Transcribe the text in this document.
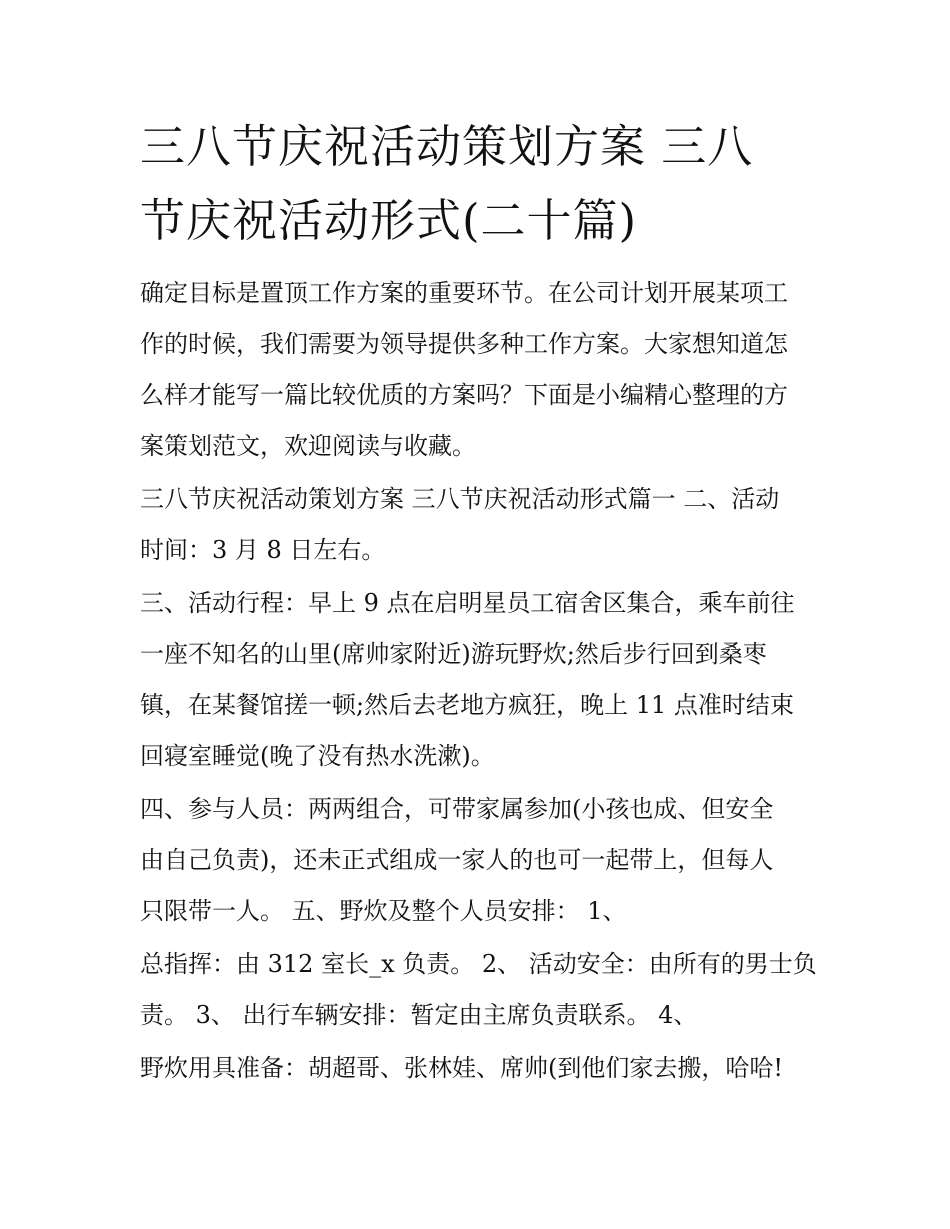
三八节庆祝活动策划方案 三八
节庆祝活动形式(二十篇)

确定目标是置顶工作方案的重要环节。在公司计划开展某项工
作的时候，我们需要为领导提供多种工作方案。大家想知道怎
么样才能写一篇比较优质的方案吗？下面是小编精心整理的方
案策划范文，欢迎阅读与收藏。

三八节庆祝活动策划方案 三八节庆祝活动形式篇一 二、活动
时间：3 月 8 日左右。

三、活动行程：早上 9 点在启明星员工宿舍区集合，乘车前往
一座不知名的山里(席帅家附近)游玩野炊;然后步行回到桑枣
镇，在某餐馆搓一顿;然后去老地方疯狂，晚上 11 点准时结束
回寝室睡觉(晚了没有热水洗漱)。

四、参与人员：两两组合，可带家属参加(小孩也成、但安全
由自己负责)，还未正式组成一家人的也可一起带上，但每人
只限带一人。 五、野炊及整个人员安排： 1、

总指挥：由 312 室长_x 负责。 2、 活动安全：由所有的男士负
责。 3、 出行车辆安排：暂定由主席负责联系。 4、

野炊用具准备：胡超哥、张林娃、席帅(到他们家去搬，哈哈!
